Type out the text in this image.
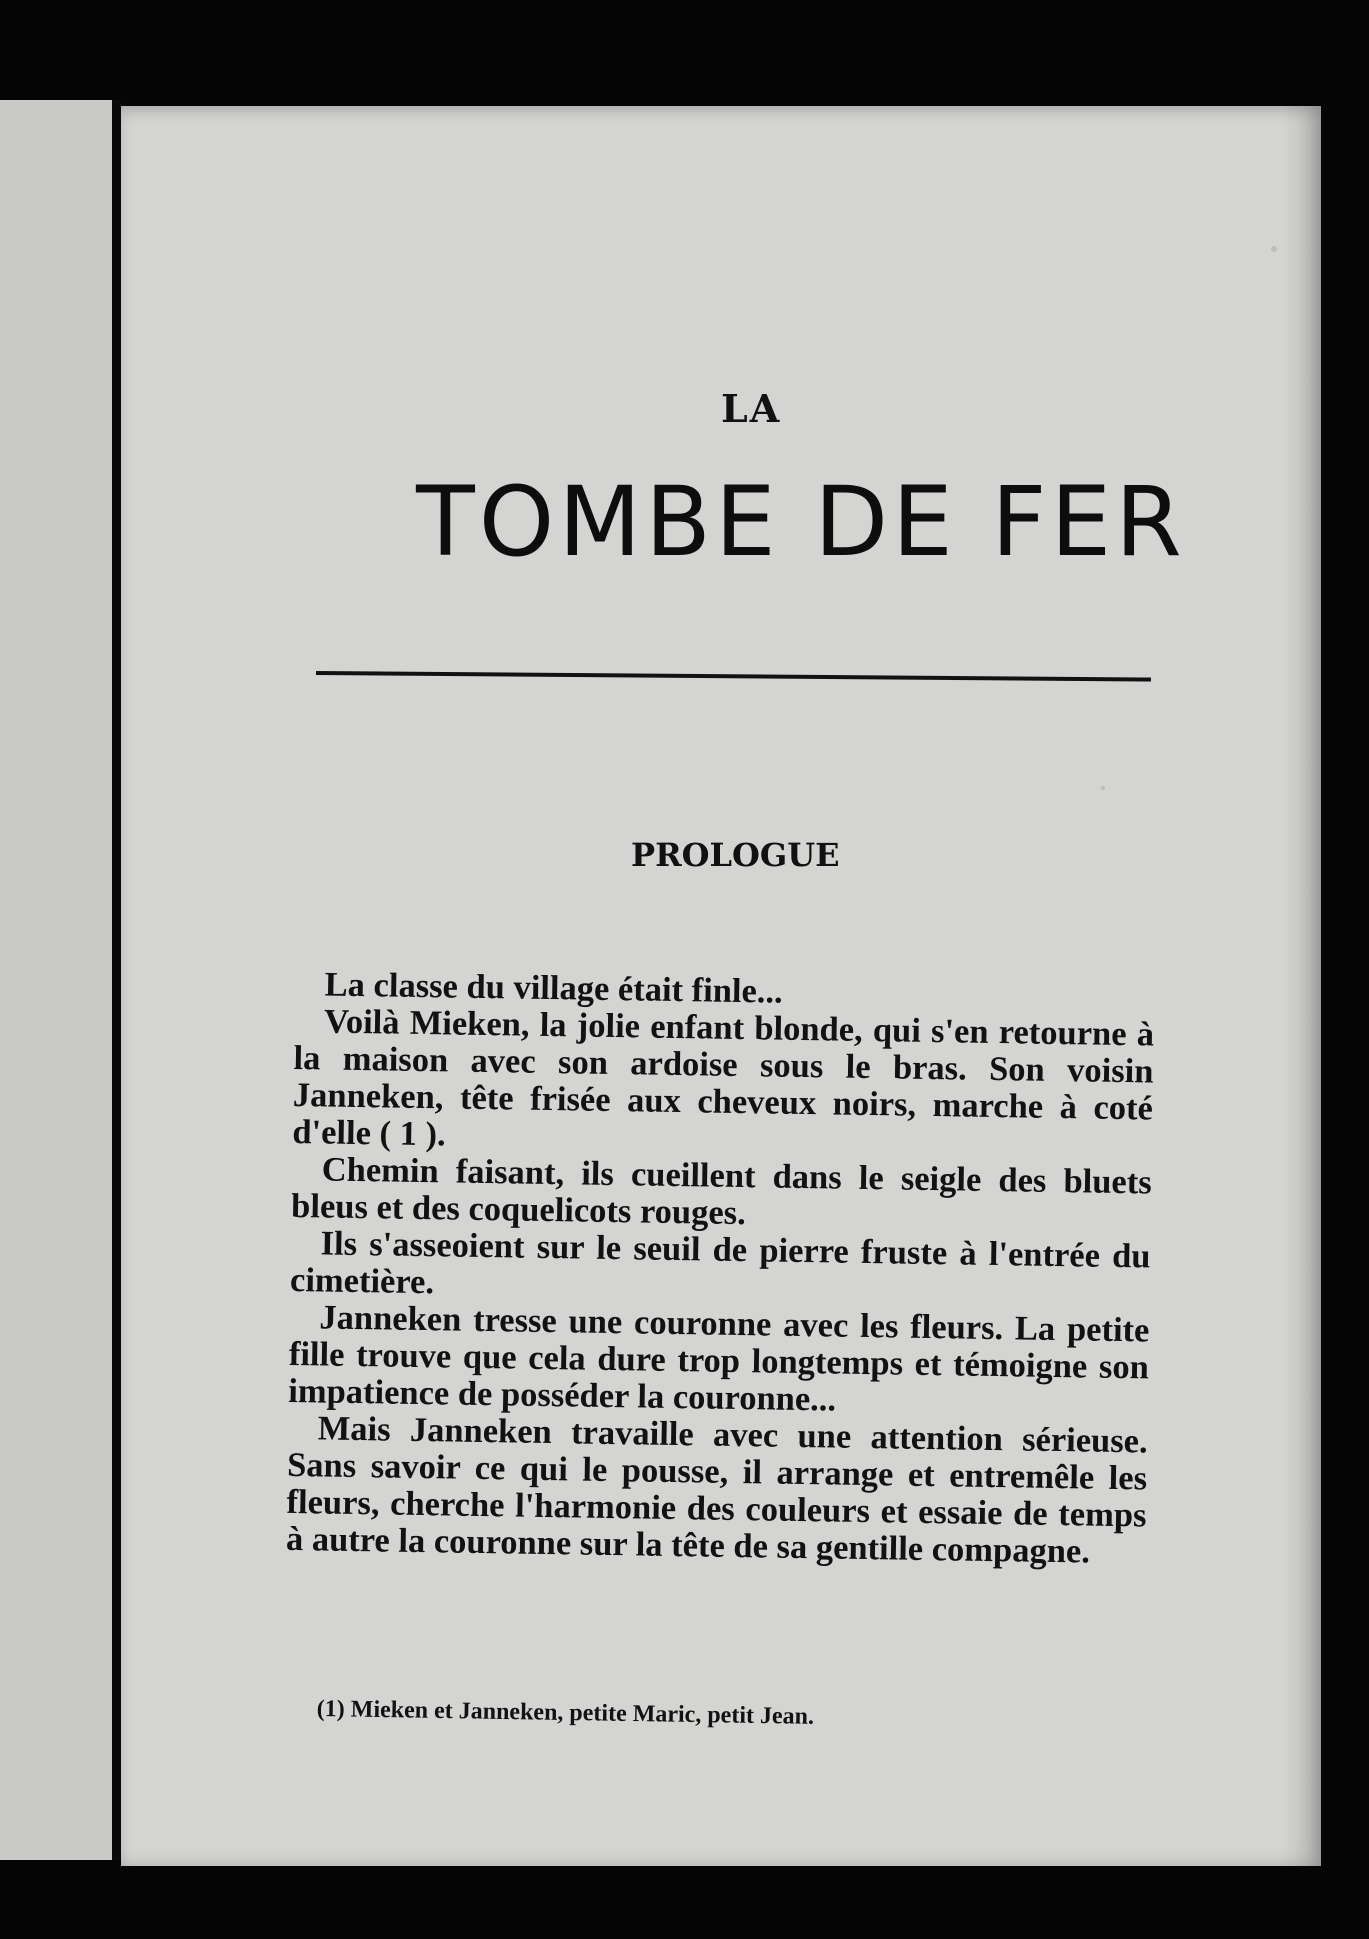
LA
TOMBE DE FER
PROLOGUE

La classe du village était finle...

Voilà Mieken, la jolie enfant blonde, qui s'en retourne à la maison avec son ardoise sous le bras. Son voisin Janneken, tête frisée aux cheveux noirs, marche à coté d'elle ( 1 ).

Chemin faisant, ils cueillent dans le seigle des bluets bleus et des coquelicots rouges.

Ils s'asseoient sur le seuil de pierre fruste à l'entrée du cimetière.

Janneken tresse une couronne avec les fleurs. La petite fille trouve que cela dure trop longtemps et témoigne son impatience de posséder la couronne...

Mais Janneken travaille avec une attention sérieuse. Sans savoir ce qui le pousse, il arrange et entremêle les fleurs, cherche l'harmonie des couleurs et essaie de temps à autre la couronne sur la tête de sa gentille compagne.

(1) Mieken et Janneken, petite Maric, petit Jean.
